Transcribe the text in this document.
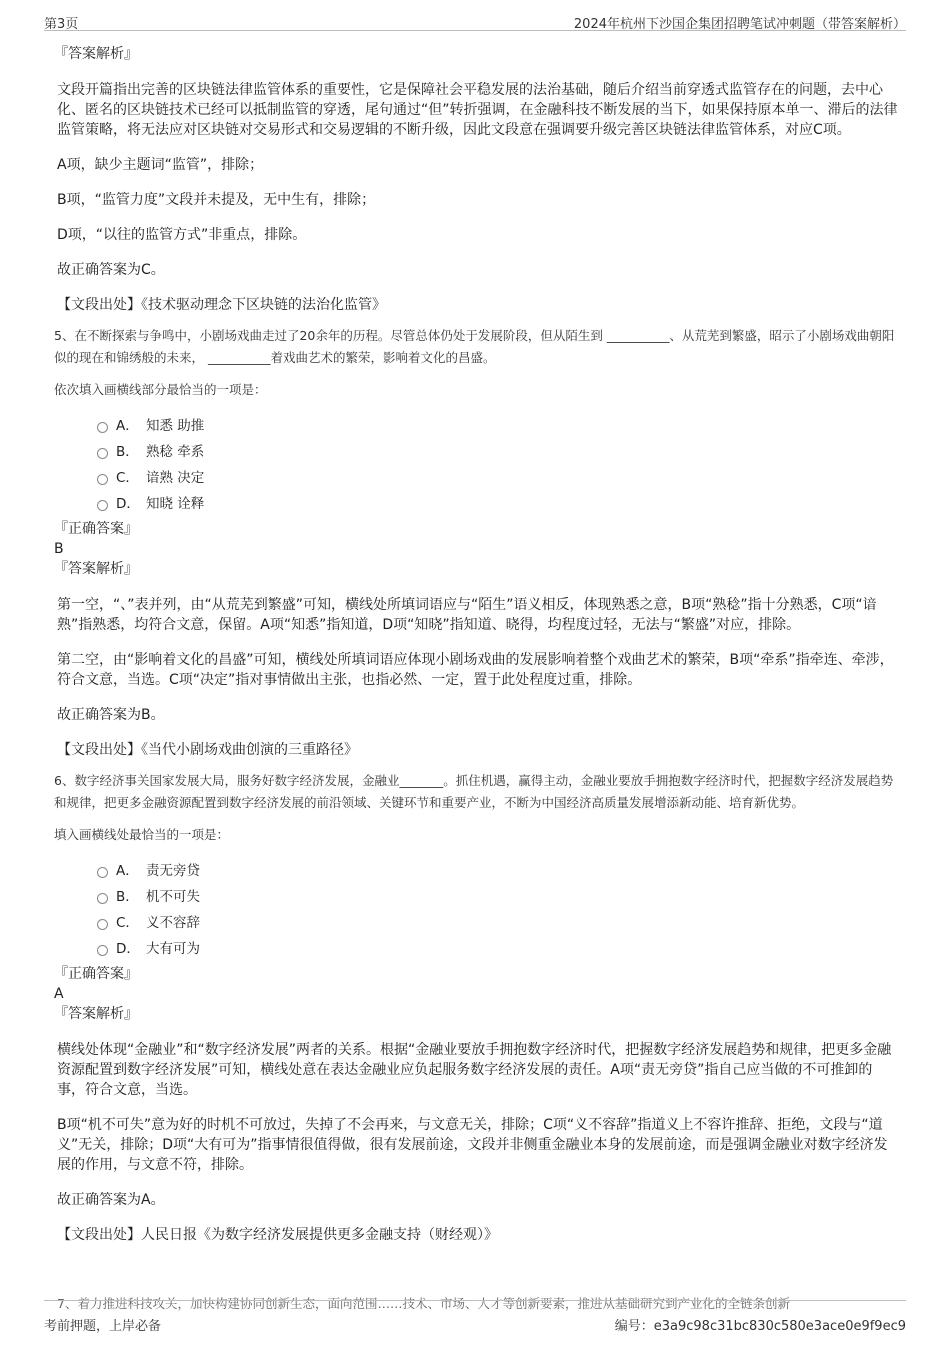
第3页	2024年杭州下沙国企集团招聘笔试冲刺题（带答案解析）
『答案解析』

文段开篇指出完善的区块链法律监管体系的重要性，它是保障社会平稳发展的法治基础，随后介绍当前穿透式监管存在的问题，去中心化、匿名的区块链技术已经可以抵制监管的穿透，尾句通过“但”转折强调，在金融科技不断发展的当下，如果保持原本单一、滞后的法律监管策略，将无法应对区块链对交易形式和交易逻辑的不断升级，因此文段意在强调要升级完善区块链法律监管体系，对应C项。

A项，缺少主题词“监管”，排除；

B项，“监管力度”文段并未提及，无中生有，排除；

D项，“以往的监管方式”非重点，排除。

故正确答案为C。

【文段出处】《技术驱动理念下区块链的法治化监管》

5、在不断探索与争鸣中，小剧场戏曲走过了20余年的历程。尽管总体仍处于发展阶段，但从陌生到 __________、从荒芜到繁盛，昭示了小剧场戏曲朝阳似的现在和锦绣般的未来， __________着戏曲艺术的繁荣，影响着文化的昌盛。

依次填入画横线部分最恰当的一项是：

A． 知悉 助推
B． 熟稔 牵系
C． 谙熟 决定
D． 知晓 诠释
『正确答案』
B
『答案解析』

第一空，“、”表并列，由“从荒芜到繁盛”可知，横线处所填词语应与“陌生”语义相反，体现熟悉之意，B项“熟稔”指十分熟悉，C项“谙熟”指熟悉，均符合文意，保留。A项“知悉”指知道，D项“知晓”指知道、晓得，均程度过轻，无法与“繁盛”对应，排除。

第二空，由“影响着文化的昌盛”可知，横线处所填词语应体现小剧场戏曲的发展影响着整个戏曲艺术的繁荣，B项“牵系”指牵连、牵涉，符合文意，当选。C项“决定”指对事情做出主张，也指必然、一定，置于此处程度过重，排除。

故正确答案为B。

【文段出处】《当代小剧场戏曲创演的三重路径》

6、数字经济事关国家发展大局，服务好数字经济发展，金融业_______。抓住机遇，赢得主动，金融业要放手拥抱数字经济时代，把握数字经济发展趋势和规律，把更多金融资源配置到数字经济发展的前沿领域、关键环节和重要产业，不断为中国经济高质量发展增添新动能、培育新优势。

填入画横线处最恰当的一项是：

A． 责无旁贷
B． 机不可失
C． 义不容辞
D． 大有可为
『正确答案』
A
『答案解析』

横线处体现“金融业”和“数字经济发展”两者的关系。根据“金融业要放手拥抱数字经济时代，把握数字经济发展趋势和规律，把更多金融资源配置到数字经济发展”可知，横线处意在表达金融业应负起服务数字经济发展的责任。A项“责无旁贷”指自己应当做的不可推卸的事，符合文意，当选。

B项“机不可失”意为好的时机不可放过，失掉了不会再来，与文意无关，排除；C项“义不容辞”指道义上不容许推辞、拒绝，文段与“道义”无关，排除；D项“大有可为”指事情很值得做，很有发展前途，文段并非侧重金融业本身的发展前途，而是强调金融业对数字经济发展的作用，与文意不符，排除。

故正确答案为A。

【文段出处】人民日报《为数字经济发展提供更多金融支持（财经观）》

7、着力推进科技攻关，加快构建协同创新生态，面向范围……技术、市场、人才等创新要素，推进从基础研究到产业化的全链条创新
考前押题，上岸必备	编号：e3a9c98c31bc830c580e3ace0e9f9ec9
